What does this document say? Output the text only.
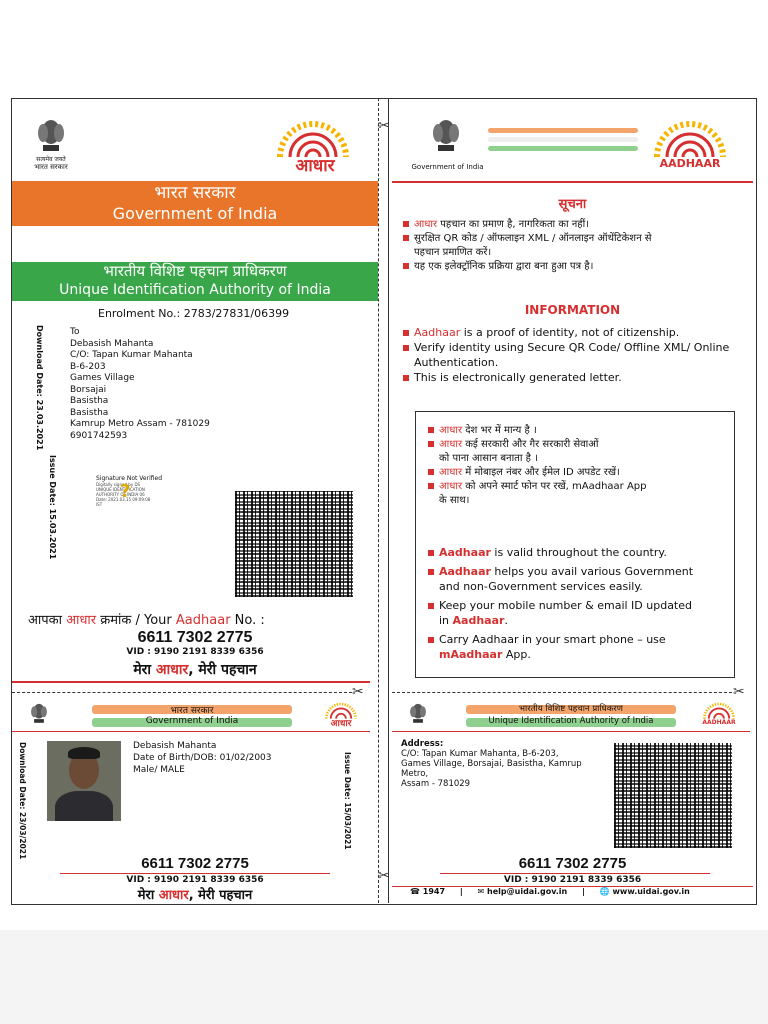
✂
✂
सत्यमेव जयते
भारत सरकार	आधार
भारत सरकार
Government of India
भारतीय विशिष्ट पहचान प्राधिकरण
Unique Identification Authority of India
Enrolment No.: 2783/27831/06399
Download Date: 23.03.2021
Issue Date: 15.03.2021
To
Debasish Mahanta
C/O: Tapan Kumar Mahanta
B-6-203
Games Village
Borsajai
Basistha
Basistha
Kamrup Metro Assam - 781029
6901742593
Signature Not Verified
Digitally signed by DS
UNIQUE IDENTIFICATION
AUTHORITY OF INDIA 06
Date: 2021.03.15 09:09:08
IST
?
आपका आधार क्रमांक / Your Aadhaar No. :
6611 7302 2775
VID : 9190 2191 8339 6356
मेरा आधार, मेरी पहचान
Government of India	AADHAAR
सूचना
आधार पहचान का प्रमाण है, नागरिकता का नहीं।
सुरक्षित QR कोड / ऑफलाइन XML / ऑनलाइन ऑथेंटिकेशन से
पहचान प्रमाणित करें।
यह एक इलेक्ट्रॉनिक प्रक्रिया द्वारा बना हुआ पत्र है।
INFORMATION
Aadhaar is a proof of identity, not of citizenship.
Verify identity using Secure QR Code/ Offline XML/ Online
Authentication.
This is electronically generated letter.
आधार देश भर में मान्य है ।
आधार कई सरकारी और गैर सरकारी सेवाओं
को पाना आसान बनाता है ।
आधार में मोबाइल नंबर और ईमेल ID अपडेट रखें।
आधार को अपने स्मार्ट फोन पर रखें, mAadhaar App
के साथ।
Aadhaar is valid throughout the country.
Aadhaar helps you avail various Government
and non-Government services easily.
Keep your mobile number & email ID updated
in Aadhaar.
Carry Aadhaar in your smart phone – use
mAadhaar App.
✂	✂
भारत सरकार
Government of India	आधार
Download Date: 23/03/2021	Issue Date: 15/03/2021
Debasish Mahanta
Date of Birth/DOB: 01/02/2003
Male/ MALE
6611 7302 2775
VID : 9190 2191 8339 6356
मेरा आधार, मेरी पहचान
भारतीय विशिष्ट पहचान प्राधिकरण
Unique Identification Authority of India	AADHAAR
Address:
C/O: Tapan Kumar Mahanta, B-6-203,
Games Village, Borsajai, Basistha, Kamrup
Metro,
Assam - 781029
6611 7302 2775
VID : 9190 2191 8339 6356
☎ 1947 | ✉ help@uidai.gov.in | 🌐 www.uidai.gov.in
